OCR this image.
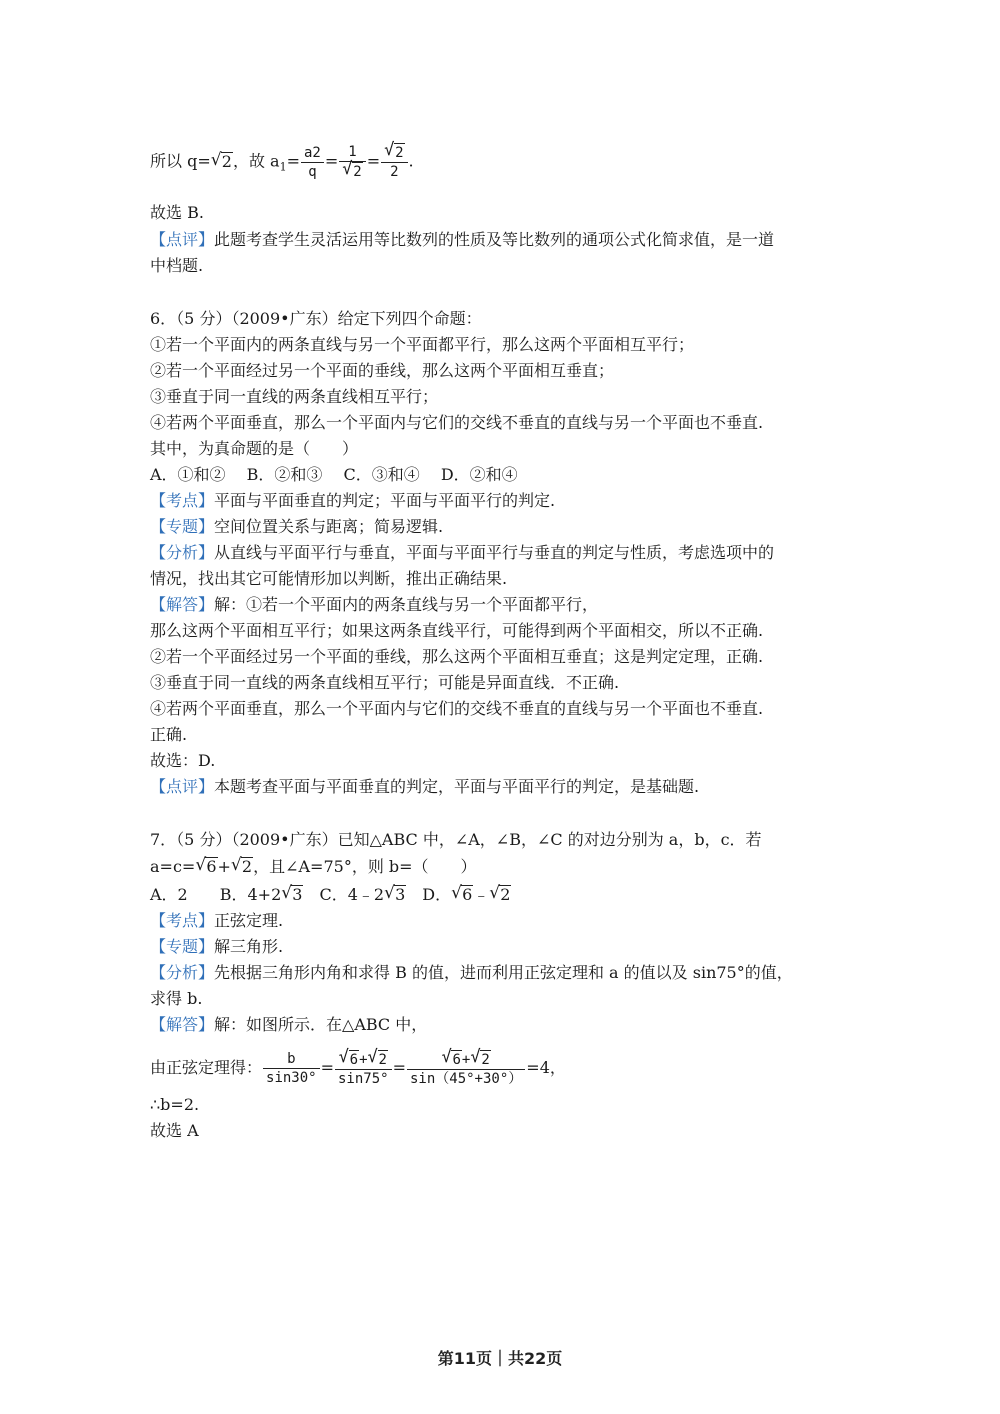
所以 q= √ 2，故 $a_1= \frac{a2}{q} = 1$
√ 2 = √ $\frac{2}{2}$ .
故选 B.
【点评】此题考查学生灵活运用等比数列的性质及等比数列的通项公式化简求值，是一道
中档题.
6．（5 分）（2009•广东）给定下列四个命题：
①若一个平面内的两条直线与另一个平面都平行，那么这两个平面相互平行；
②若一个平面经过另一个平面的垂线，那么这两个平面相互垂直；
③垂直于同一直线的两条直线相互平行；
④若两个平面垂直，那么一个平面内与它们的交线不垂直的直线与另一个平面也不垂直.
其中，为真命题的是（　　）
A．①和②　 B．②和③　 C．③和④　 D．②和④
【考点】平面与平面垂直的判定；平面与平面平行的判定.
【专题】空间位置关系与距离；简易逻辑.
【分析】从直线与平面平行与垂直，平面与平面平行与垂直的判定与性质，考虑选项中的
情况，找出其它可能情形加以判断，推出正确结果.
【解答】解：①若一个平面内的两条直线与另一个平面都平行，
那么这两个平面相互平行；如果这两条直线平行，可能得到两个平面相交，所以不正确.
②若一个平面经过另一个平面的垂线，那么这两个平面相互垂直；这是判定定理，正确.
③垂直于同一直线的两条直线相互平行；可能是异面直线．不正确.
④若两个平面垂直，那么一个平面内与它们的交线不垂直的直线与另一个平面也不垂直.
正确.
故选：D.
【点评】本题考查平面与平面垂直的判定，平面与平面平行的判定，是基础题.
7．（5 分）（2009•广东）已知△ABC 中，∠A，∠B，∠C 的对边分别为 a，b，c．若
a=c= √ 6+ √ 2，且∠A=75°，则 b=（　　）
A．2　　B．4+2 √ 3　C．4﹣2 √ 3　D． √ 6﹣ √ 2
【考点】正弦定理.
【专题】解三角形.
【分析】先根据三角形内角和求得 B 的值，进而利用正弦定理和 a 的值以及 sin75°的值，
求得 b.
【解答】解：如图所示．在△ABC 中，
由正弦定理得： $\frac{b}{\sin 30^\circ}$ = √ $\frac{6+ √ 2}{\sin 75^\circ}$ = √ $\frac{6+ √ 2}{\sin(45^\circ+30^\circ)} =4$，
∴b=2.
故选 A
第11页｜共22页
